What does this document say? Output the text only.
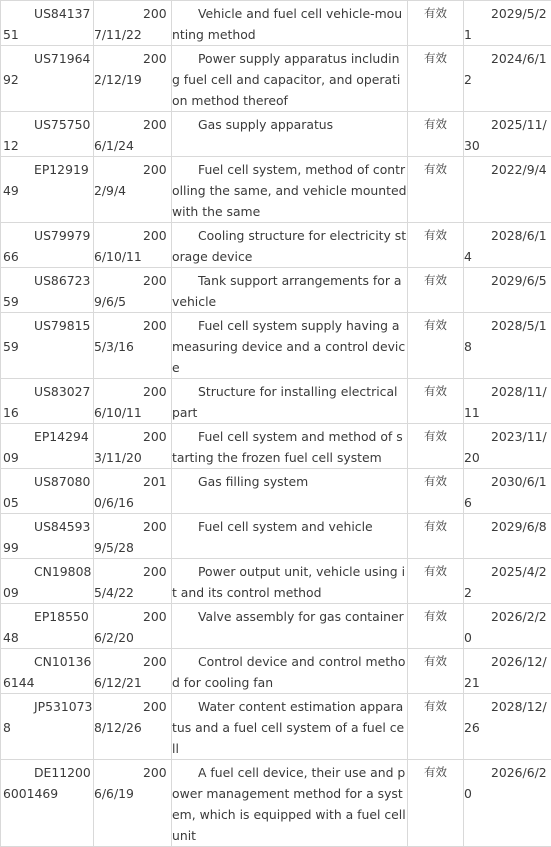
US8413751	2007/11/22	Vehicle and fuel cell vehicle-mounting method	有效	2029/5/21
US7196492	2002/12/19	Power supply apparatus including fuel cell and capacitor, and operation method thereof	有效	2024/6/12
US7575012	2006/1/24	Gas supply apparatus	有效	2025/11/30
EP1291949	2002/9/4	Fuel cell system, method of controlling the same, and vehicle mounted with the same	有效	2022/9/4
US7997966	2006/10/11	Cooling structure for electricity storage device	有效	2028/6/14
US8672359	2009/6/5	Tank support arrangements for a vehicle	有效	2029/6/5
US7981559	2005/3/16	Fuel cell system supply having a measuring device and a control device	有效	2028/5/18
US8302716	2006/10/11	Structure for installing electrical part	有效	2028/11/11
EP1429409	2003/11/20	Fuel cell system and method of starting the frozen fuel cell system	有效	2023/11/20
US8708005	2010/6/16	Gas filling system	有效	2030/6/16
US8459399	2009/5/28	Fuel cell system and vehicle	有效	2029/6/8
CN1980809	2005/4/22	Power output unit, vehicle using it and its control method	有效	2025/4/22
EP1855048	2006/2/20	Valve assembly for gas container	有效	2026/2/20
CN101366144	2006/12/21	Control device and control method for cooling fan	有效	2026/12/21
JP5310738	2008/12/26	Water content estimation apparatus and a fuel cell system of a fuel cell	有效	2028/12/26
DE112006001469	2006/6/19	A fuel cell device, their use and power management method for a system, which is equipped with a fuel cell unit	有效	2026/6/20
